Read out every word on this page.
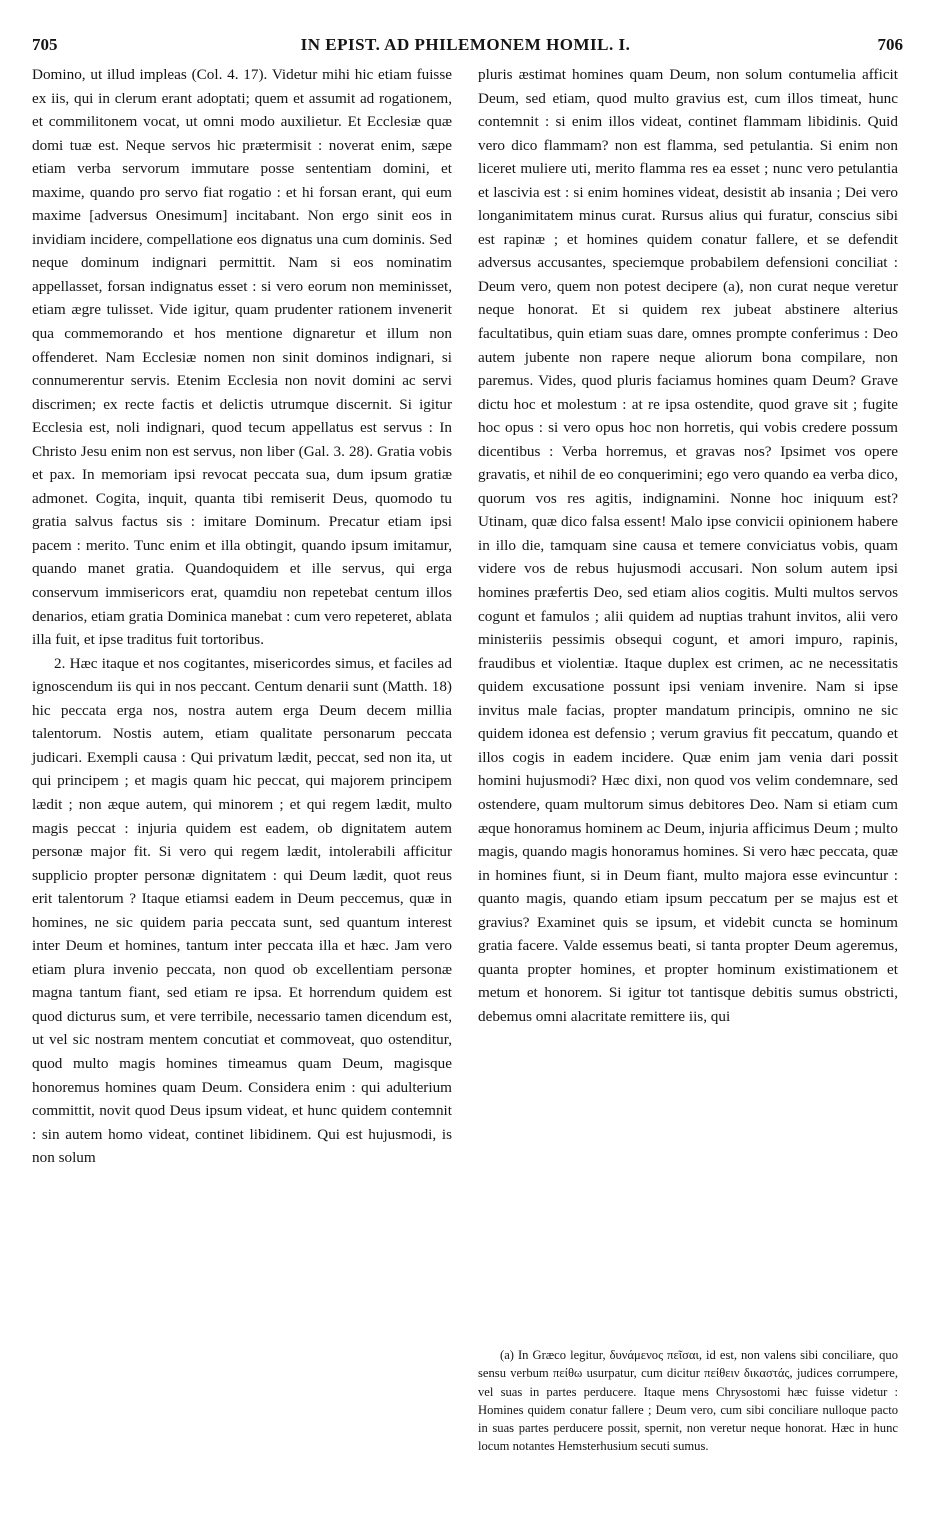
705	IN EPIST. AD PHILEMONEM HOMIL. I.	706

Domino, ut illud impleas (Col. 4. 17). Videtur mihi hic etiam fuisse ex iis, qui in clerum erant adoptati; quem et assumit ad rogationem, et commilitonem vocat, ut omni modo auxilietur. Et Ecclesiæ quæ domi tuæ est. Neque servos hic prætermisit : noverat enim, sæpe etiam verba servorum immutare posse sententiam domini, et maxime, quando pro servo fiat rogatio : et hi forsan erant, qui eum maxime [adversus Onesimum] incitabant. Non ergo sinit eos in invidiam incidere, compellatione eos dignatus una cum dominis. Sed neque dominum indignari permittit. Nam si eos nominatim appellasset, forsan indignatus esset : si vero eorum non meminisset, etiam ægre tulisset. Vide igitur, quam prudenter rationem invenerit qua commemorando et hos mentione dignaretur et illum non offenderet. Nam Ecclesiæ nomen non sinit dominos indignari, si connumerentur servis. Etenim Ecclesia non novit domini ac servi discrimen; ex recte factis et delictis utrumque discernit. Si igitur Ecclesia est, noli indignari, quod tecum appellatus est servus : In Christo Jesu enim non est servus, non liber (Gal. 3. 28). Gratia vobis et pax. In memoriam ipsi revocat peccata sua, dum ipsum gratiæ admonet. Cogita, inquit, quanta tibi remiserit Deus, quomodo tu gratia salvus factus sis : imitare Dominum. Precatur etiam ipsi pacem : merito. Tunc enim et illa obtingit, quando ipsum imitamur, quando manet gratia. Quandoquidem et ille servus, qui erga conservum immisericors erat, quamdiu non repetebat centum illos denarios, etiam gratia Dominica manebat : cum vero repeteret, ablata illa fuit, et ipse traditus fuit tortoribus.

2. Hæc itaque et nos cogitantes, misericordes simus, et faciles ad ignoscendum iis qui in nos peccant. Centum denarii sunt (Matth. 18) hic peccata erga nos, nostra autem erga Deum decem millia talentorum. Nostis autem, etiam qualitate personarum peccata judicari. Exempli causa : Qui privatum lædit, peccat, sed non ita, ut qui principem ; et magis quam hic peccat, qui majorem principem lædit ; non æque autem, qui minorem ; et qui regem lædit, multo magis peccat : injuria quidem est eadem, ob dignitatem autem personæ major fit. Si vero qui regem lædit, intolerabili afficitur supplicio propter personæ dignitatem : qui Deum lædit, quot reus erit talentorum ? Itaque etiamsi eadem in Deum peccemus, quæ in homines, ne sic quidem paria peccata sunt, sed quantum interest inter Deum et homines, tantum inter peccata illa et hæc. Jam vero etiam plura invenio peccata, non quod ob excellentiam personæ magna tantum fiant, sed etiam re ipsa. Et horrendum quidem est quod dicturus sum, et vere terribile, necessario tamen dicendum est, ut vel sic nostram mentem concutiat et commoveat, quo ostenditur, quod multo magis homines timeamus quam Deum, magisque honoremus homines quam Deum. Considera enim : qui adulterium committit, novit quod Deus ipsum videat, et hunc quidem contemnit : sin autem homo videat, continet libidinem. Qui est hujusmodi, is non solum

pluris æstimat homines quam Deum, non solum contumelia afficit Deum, sed etiam, quod multo gravius est, cum illos timeat, hunc contemnit : si enim illos videat, continet flammam libidinis. Quid vero dico flammam? non est flamma, sed petulantia. Si enim non liceret muliere uti, merito flamma res ea esset ; nunc vero petulantia et lascivia est : si enim homines videat, desistit ab insania ; Dei vero longanimitatem minus curat. Rursus alius qui furatur, conscius sibi est rapinæ ; et homines quidem conatur fallere, et se defendit adversus accusantes, speciemque probabilem defensioni conciliat : Deum vero, quem non potest decipere (a), non curat neque veretur neque honorat. Et si quidem rex jubeat abstinere alterius facultatibus, quin etiam suas dare, omnes prompte conferimus : Deo autem jubente non rapere neque aliorum bona compilare, non paremus. Vides, quod pluris faciamus homines quam Deum? Grave dictu hoc et molestum : at re ipsa ostendite, quod grave sit ; fugite hoc opus : si vero opus hoc non horretis, qui vobis credere possum dicentibus : Verba horremus, et gravas nos? Ipsimet vos opere gravatis, et nihil de eo conquerimini; ego vero quando ea verba dico, quorum vos res agitis, indignamini. Nonne hoc iniquum est? Utinam, quæ dico falsa essent! Malo ipse convicii opinionem habere in illo die, tamquam sine causa et temere conviciatus vobis, quam videre vos de rebus hujusmodi accusari. Non solum autem ipsi homines præfertis Deo, sed etiam alios cogitis. Multi multos servos cogunt et famulos ; alii quidem ad nuptias trahunt invitos, alii vero ministeriis pessimis obsequi cogunt, et amori impuro, rapinis, fraudibus et violentiæ. Itaque duplex est crimen, ac ne necessitatis quidem excusatione possunt ipsi veniam invenire. Nam si ipse invitus male facias, propter mandatum principis, omnino ne sic quidem idonea est defensio ; verum gravius fit peccatum, quando et illos cogis in eadem incidere. Quæ enim jam venia dari possit homini hujusmodi? Hæc dixi, non quod vos velim condemnare, sed ostendere, quam multorum simus debitores Deo. Nam si etiam cum æque honoramus hominem ac Deum, injuria afficimus Deum ; multo magis, quando magis honoramus homines. Si vero hæc peccata, quæ in homines fiunt, si in Deum fiant, multo majora esse evincuntur : quanto magis, quando etiam ipsum peccatum per se majus est et gravius? Examinet quis se ipsum, et videbit cuncta se hominum gratia facere. Valde essemus beati, si tanta propter Deum ageremus, quanta propter homines, et propter hominum existimationem et metum et honorem. Si igitur tot tantisque debitis sumus obstricti, debemus omni alacritate remittere iis, qui

(a) In Græco legitur, δυνάμενος πεῖσαι, id est, non valens sibi conciliare, quo sensu verbum πείθω usurpatur, cum dicitur πείθειν δικαστάς, judices corrumpere, vel suas in partes perducere. Itaque mens Chrysostomi hæc fuisse videtur : Homines quidem conatur fallere ; Deum vero, cum sibi conciliare nulloque pacto in suas partes perducere possit, spernit, non veretur neque honorat. Hæc in hunc locum notantes Hemsterhusium secuti sumus.
